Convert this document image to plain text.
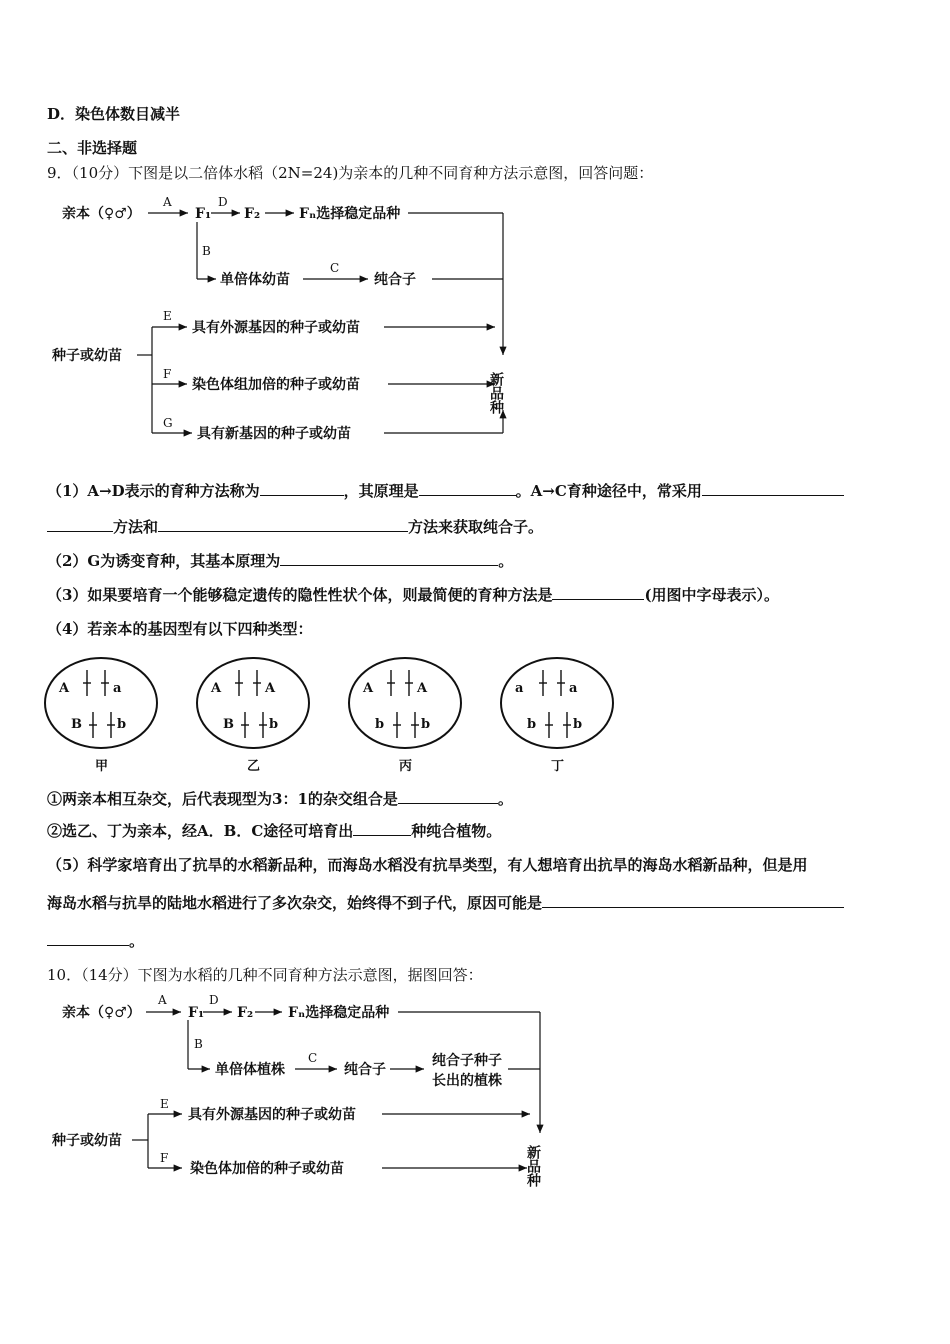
D．染色体数目减半
二、非选择题
9．（10分）下图是以二倍体水稻（2N=24)为亲本的几种不同育种方法示意图，回答问题：
亲本（♀♂）
A
F₁
D
F₂	Fₙ选择稳定品种
B
单倍体幼苗
C
纯合子
种子或幼苗
E
具有外源基因的种子或幼苗
F
染色体组加倍的种子或幼苗
G
具有新基因的种子或幼苗
新品种
（1）A→D表示的育种方法称为	，其原理是	。A→C育种途径中，常采用
方法和	方法来获取纯合子。
（2）G为诱变育种，其基本原理为	。
（3）如果要培育一个能够稳定遗传的隐性性状个体，则最简便的育种方法是	(用图中字母表示）。
（4）若亲本的基因型有以下四种类型：
A	a
B	b
甲
A	A
B	b
乙
A	A
b	b
丙
a	a
b	b
丁
①两亲本相互杂交，后代表现型为3：1的杂交组合是	。
②选乙、丁为亲本，经A．B．C途径可培育出	种纯合植物。
（5）科学家培育出了抗旱的水稻新品种，而海岛水稻没有抗旱类型，有人想培育出抗旱的海岛水稻新品种，但是用
海岛水稻与抗旱的陆地水稻进行了多次杂交，始终得不到子代，原因可能是
。
10．（14分）下图为水稻的几种不同育种方法示意图，据图回答：
亲本（♀♂）
A
F₁
D
F₂ Fₙ选择稳定品种
B
单倍体植株
C
纯合子
纯合子种子
长出的植株
种子或幼苗
E
具有外源基因的种子或幼苗
F
染色体加倍的种子或幼苗	新品种
